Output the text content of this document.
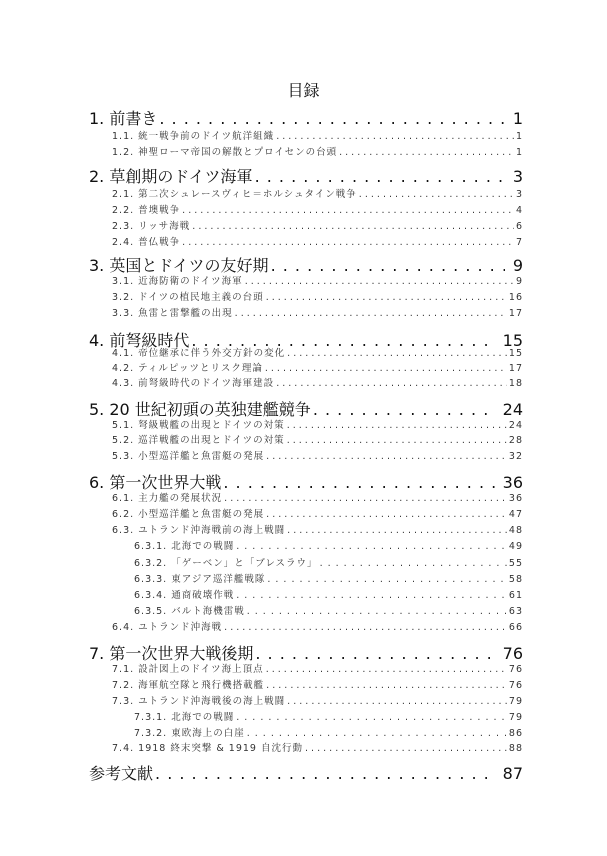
目録
1. 前書き . . .	1
1.1. 統一戦争前のドイツ航洋組織 . . .	1
1.2. 神聖ローマ帝国の解散とプロイセンの台頭 . . .	1
2. 草創期のドイツ海軍 . . .	3
2.1. 第二次シュレースヴィヒ＝ホルシュタイン戦争 . . .	3
2.2. 普墺戦争 . . .	4
2.3. リッサ海戦 . . .	6
2.4. 普仏戦争 . . .	7
3. 英国とドイツの友好期 . . .	9
3.1. 近海防衛のドイツ海軍 . . .	9
3.2. ドイツの植民地主義の台頭 . . .	16
3.3. 魚雷と雷撃艦の出現 . . .	17
4. 前弩級時代 . . .	15
4.1. 帝位継承に伴う外交方針の変化 . . .	15
4.2. ティルピッツとリスク理論 . . .	17
4.3. 前弩級時代のドイツ海軍建設 . . .	18
5. 20 世紀初頭の英独建艦競争 . . .	24
5.1. 弩級戦艦の出現とドイツの対策 . . .	24
5.2. 巡洋戦艦の出現とドイツの対策 . . .	28
5.3. 小型巡洋艦と魚雷艇の発展 . . .	32
6. 第一次世界大戦 . . .	36
6.1. 主力艦の発展状況 . . .	36
6.2. 小型巡洋艦と魚雷艇の発展 . . .	47
6.3. ユトランド沖海戦前の海上戦闘 . . .	48
6.3.1. 北海での戦闘 . . .	49
6.3.2. 「ゲーベン」と「ブレスラウ」 . . .	55
6.3.3. 東アジア巡洋艦戦隊 . . .	58
6.3.4. 通商破壊作戦 . . .	61
6.3.5. バルト海機雷戦 . . .	63
6.4. ユトランド沖海戦 . . .	66
7. 第一次世界大戦後期 . . .	76
7.1. 設計図上のドイツ海上頂点 . . .	76
7.2. 海軍航空隊と飛行機搭載艦 . . .	76
7.3. ユトランド沖海戦後の海上戦闘 . . .	79
7.3.1. 北海での戦闘 . . .	79
7.3.2. 東欧海上の白崖 . . .	86
7.4. 1918 終末突撃 & 1919 自沈行動 . . .	88
参考文献 . . .	87
